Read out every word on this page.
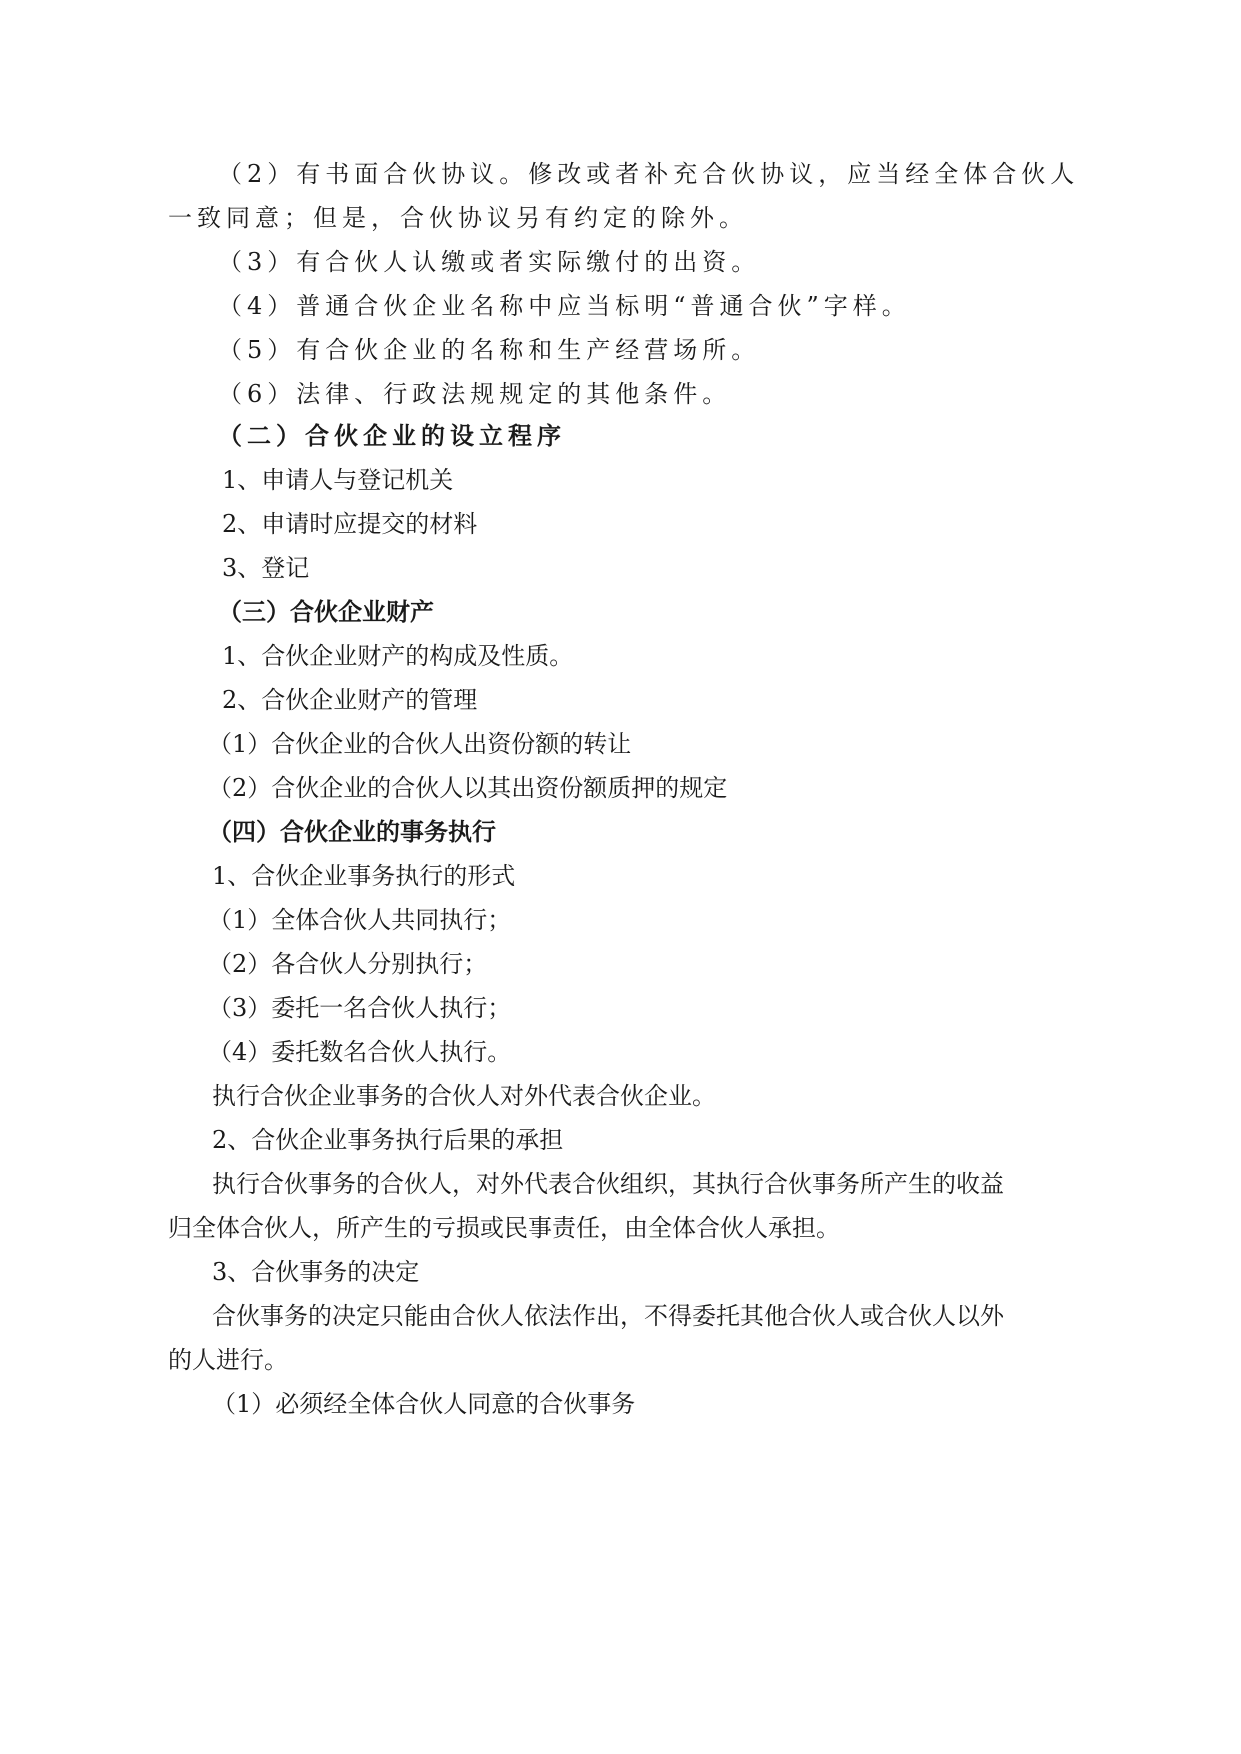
（2）有书面合伙协议。修改或者补充合伙协议，应当经全体合伙人
一致同意；但是，合伙协议另有约定的除外。
（3）有合伙人认缴或者实际缴付的出资。
（4）普通合伙企业名称中应当标明“普通合伙”字样。
（5）有合伙企业的名称和生产经营场所。
（6）法律、行政法规规定的其他条件。
（二）合伙企业的设立程序
1、申请人与登记机关
2、申请时应提交的材料
3、登记
（三）合伙企业财产
1、合伙企业财产的构成及性质。
2、合伙企业财产的管理
（1）合伙企业的合伙人出资份额的转让
（2）合伙企业的合伙人以其出资份额质押的规定
（四）合伙企业的事务执行
1、合伙企业事务执行的形式
（1）全体合伙人共同执行；
（2）各合伙人分别执行；
（3）委托一名合伙人执行；
（4）委托数名合伙人执行。
执行合伙企业事务的合伙人对外代表合伙企业。
2、合伙企业事务执行后果的承担
执行合伙事务的合伙人，对外代表合伙组织，其执行合伙事务所产生的收益
归全体合伙人，所产生的亏损或民事责任，由全体合伙人承担。
3、合伙事务的决定
合伙事务的决定只能由合伙人依法作出，不得委托其他合伙人或合伙人以外
的人进行。
（1）必须经全体合伙人同意的合伙事务
